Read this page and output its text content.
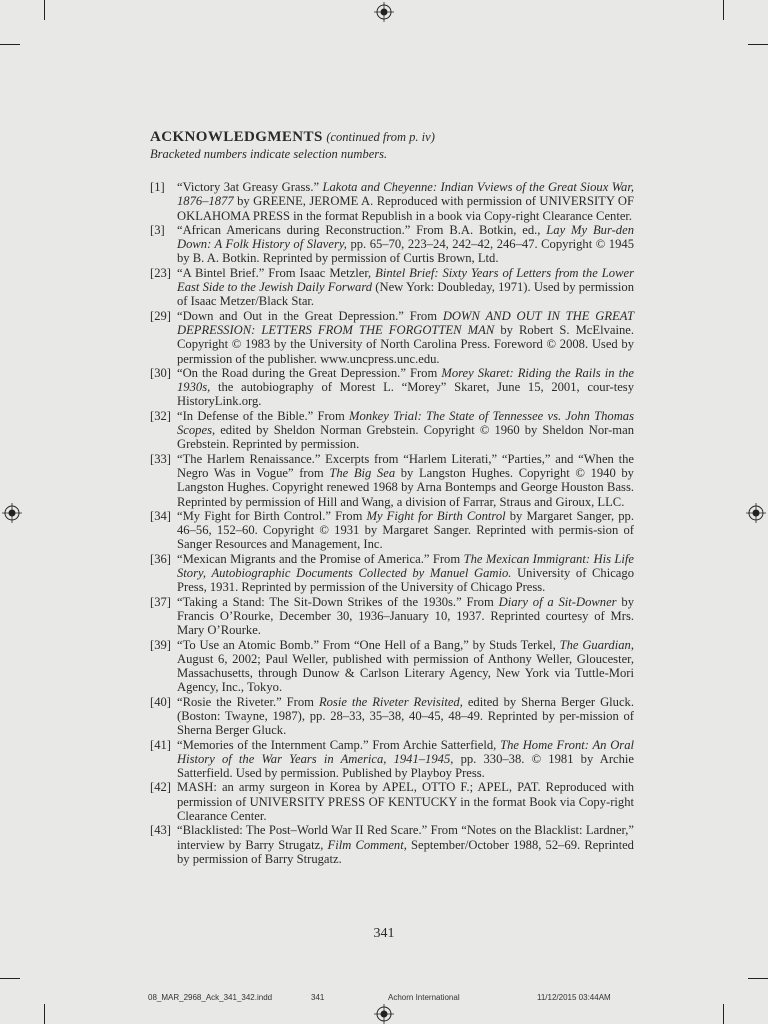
ACKNOWLEDGMENTS (continued from p. iv)
Bracketed numbers indicate selection numbers.
[1] “Victory 3at Greasy Grass.” Lakota and Cheyenne: Indian Vviews of the Great Sioux War, 1876–1877 by GREENE, JEROME A. Reproduced with permission of UNIVERSITY OF OKLAHOMA PRESS in the format Republish in a book via Copy-right Clearance Center.
[3] “African Americans during Reconstruction.” From B.A. Botkin, ed., Lay My Bur-den Down: A Folk History of Slavery, pp. 65–70, 223–24, 242–42, 246–47. Copyright © 1945 by B. A. Botkin. Reprinted by permission of Curtis Brown, Ltd.
[23] “A Bintel Brief.” From Isaac Metzler, Bintel Brief: Sixty Years of Letters from the Lower East Side to the Jewish Daily Forward (New York: Doubleday, 1971). Used by permission of Isaac Metzer/Black Star.
[29] “Down and Out in the Great Depression.” From DOWN AND OUT IN THE GREAT DEPRESSION: LETTERS FROM THE FORGOTTEN MAN by Robert S. McElvaine. Copyright © 1983 by the University of North Carolina Press. Foreword © 2008. Used by permission of the publisher. www.uncpress.unc.edu.
[30] “On the Road during the Great Depression.” From Morey Skaret: Riding the Rails in the 1930s, the autobiography of Morest L. “Morey” Skaret, June 15, 2001, cour-tesy HistoryLink.org.
[32] “In Defense of the Bible.” From Monkey Trial: The State of Tennessee vs. John Thomas Scopes, edited by Sheldon Norman Grebstein. Copyright © 1960 by Sheldon Nor-man Grebstein. Reprinted by permission.
[33] “The Harlem Renaissance.” Excerpts from “Harlem Literati,” “Parties,” and “When the Negro Was in Vogue” from The Big Sea by Langston Hughes. Copyright © 1940 by Langston Hughes. Copyright renewed 1968 by Arna Bontemps and George Houston Bass. Reprinted by permission of Hill and Wang, a division of Farrar, Straus and Giroux, LLC.
[34] “My Fight for Birth Control.” From My Fight for Birth Control by Margaret Sanger, pp. 46–56, 152–60. Copyright © 1931 by Margaret Sanger. Reprinted with permis-sion of Sanger Resources and Management, Inc.
[36] “Mexican Migrants and the Promise of America.” From The Mexican Immigrant: His Life Story, Autobiographic Documents Collected by Manuel Gamio. University of Chicago Press, 1931. Reprinted by permission of the University of Chicago Press.
[37] “Taking a Stand: The Sit-Down Strikes of the 1930s.” From Diary of a Sit-Downer by Francis O’Rourke, December 30, 1936–January 10, 1937. Reprinted courtesy of Mrs. Mary O’Rourke.
[39] “To Use an Atomic Bomb.” From “One Hell of a Bang,” by Studs Terkel, The Guardian, August 6, 2002; Paul Weller, published with permission of Anthony Weller, Gloucester, Massachusetts, through Dunow & Carlson Literary Agency, New York via Tuttle-Mori Agency, Inc., Tokyo.
[40] “Rosie the Riveter.” From Rosie the Riveter Revisited, edited by Sherna Berger Gluck. (Boston: Twayne, 1987), pp. 28–33, 35–38, 40–45, 48–49. Reprinted by per-mission of Sherna Berger Gluck.
[41] “Memories of the Internment Camp.” From Archie Satterfield, The Home Front: An Oral History of the War Years in America, 1941–1945, pp. 330–38. © 1981 by Archie Satterfield. Used by permission. Published by Playboy Press.
[42] MASH: an army surgeon in Korea by APEL, OTTO F.; APEL, PAT. Reproduced with permission of UNIVERSITY PRESS OF KENTUCKY in the format Book via Copy-right Clearance Center.
[43] “Blacklisted: The Post–World War II Red Scare.” From “Notes on the Blacklist: Lardner,” interview by Barry Strugatz, Film Comment, September/October 1988, 52–69. Reprinted by permission of Barry Strugatz.
341
08_MAR_2968_Ack_341_342.indd	341	Achorn International	11/12/2015 03:44AM
